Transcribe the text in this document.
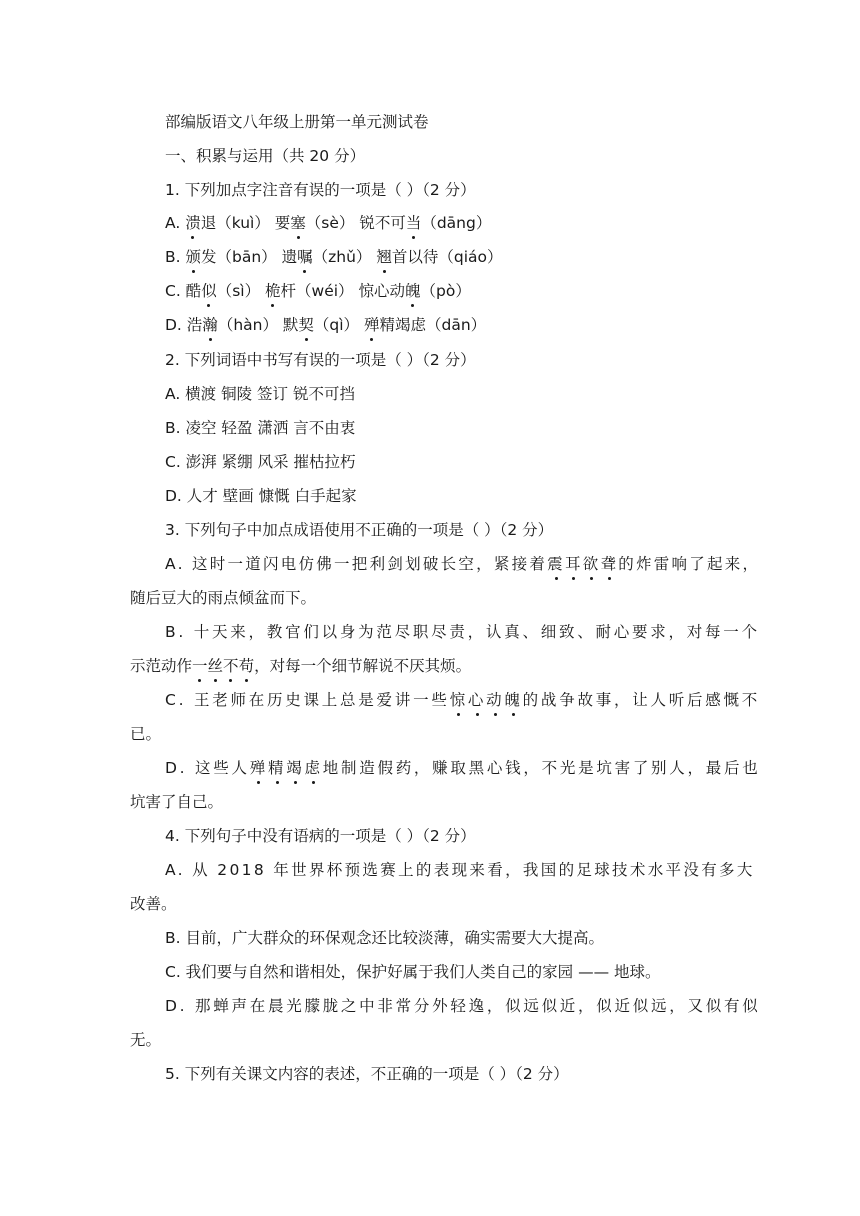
部编版语文八年级上册第一单元测试卷
一、积累与运用（共 20 分）
1. 下列加点字注音有误的一项是（ ）（2 分）
A. 溃退（kuì） 要塞（sè） 锐不可当（dāng）
B. 颁发（bān） 遗嘱（zhǔ） 翘首以待（qiáo）
C. 酷似（sì） 桅杆（wéi） 惊心动魄（pò）
D. 浩瀚（hàn） 默契（qì） 殚精竭虑（dān）
2. 下列词语中书写有误的一项是（ ）（2 分）
A. 横渡 铜陵 签订 锐不可挡
B. 凌空 轻盈 潇洒 言不由衷
C. 澎湃 紧绷 风采 摧枯拉朽
D. 人才 壁画 慷慨 白手起家
3. 下列句子中加点成语使用不正确的一项是（ ）（2 分）
A. 这时一道闪电仿佛一把利剑划破长空，紧接着震耳欲聋的炸雷响了起来，
随后豆大的雨点倾盆而下。
B. 十天来，教官们以身为范尽职尽责，认真、细致、耐心要求，对每一个
示范动作一丝不苟，对每一个细节解说不厌其烦。
C. 王老师在历史课上总是爱讲一些惊心动魄的战争故事，让人听后感慨不
已。
D. 这些人殚精竭虑地制造假药，赚取黑心钱，不光是坑害了别人，最后也
坑害了自己。
4. 下列句子中没有语病的一项是（ ）（2 分）
A. 从 2018 年世界杯预选赛上的表现来看，我国的足球技术水平没有多大
改善。
B. 目前，广大群众的环保观念还比较淡薄，确实需要大大提高。
C. 我们要与自然和谐相处，保护好属于我们人类自己的家园 —— 地球。
D. 那蝉声在晨光朦胧之中非常分外轻逸，似远似近，似近似远，又似有似
无。
5. 下列有关课文内容的表述，不正确的一项是（ ）（2 分）
